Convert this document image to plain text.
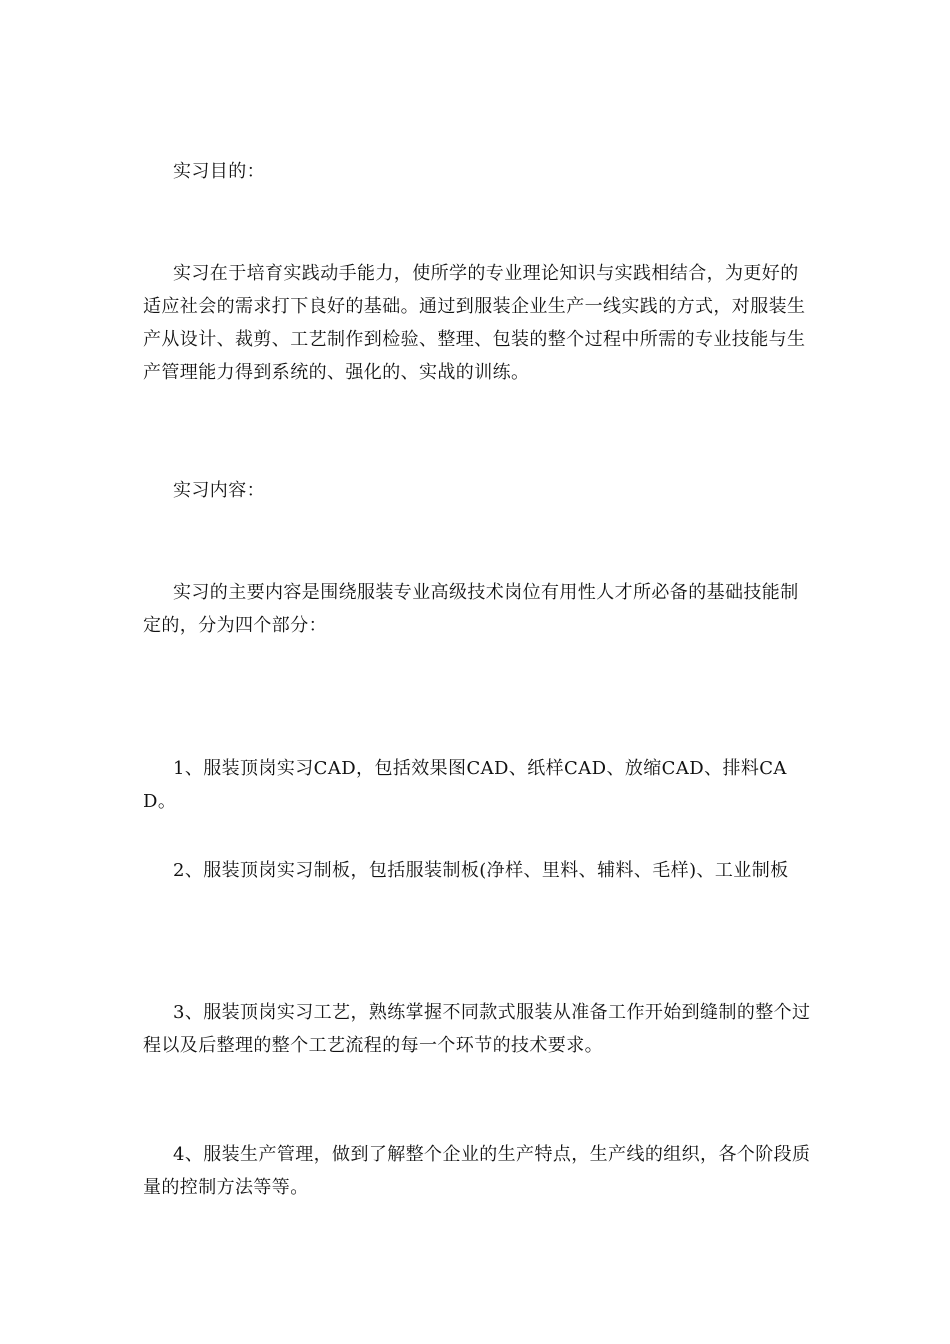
实习目的：

实习在于培育实践动手能力，使所学的专业理论知识与实践相结合，为更好的适应社会的需求打下良好的基础。通过到服装企业生产一线实践的方式，对服装生产从设计、裁剪、工艺制作到检验、整理、包装的整个过程中所需的专业技能与生产管理能力得到系统的、强化的、实战的训练。

实习内容：

实习的主要内容是围绕服装专业高级技术岗位有用性人才所必备的基础技能制定的，分为四个部分：

1、服装顶岗实习CAD，包括效果图CAD、纸样CAD、放缩CAD、排料CAD。

2、服装顶岗实习制板，包括服装制板(净样、里料、辅料、毛样)、工业制板

3、服装顶岗实习工艺，熟练掌握不同款式服装从准备工作开始到缝制的整个过程以及后整理的整个工艺流程的每一个环节的技术要求。

4、服装生产管理，做到了解整个企业的生产特点，生产线的组织，各个阶段质量的控制方法等等。
